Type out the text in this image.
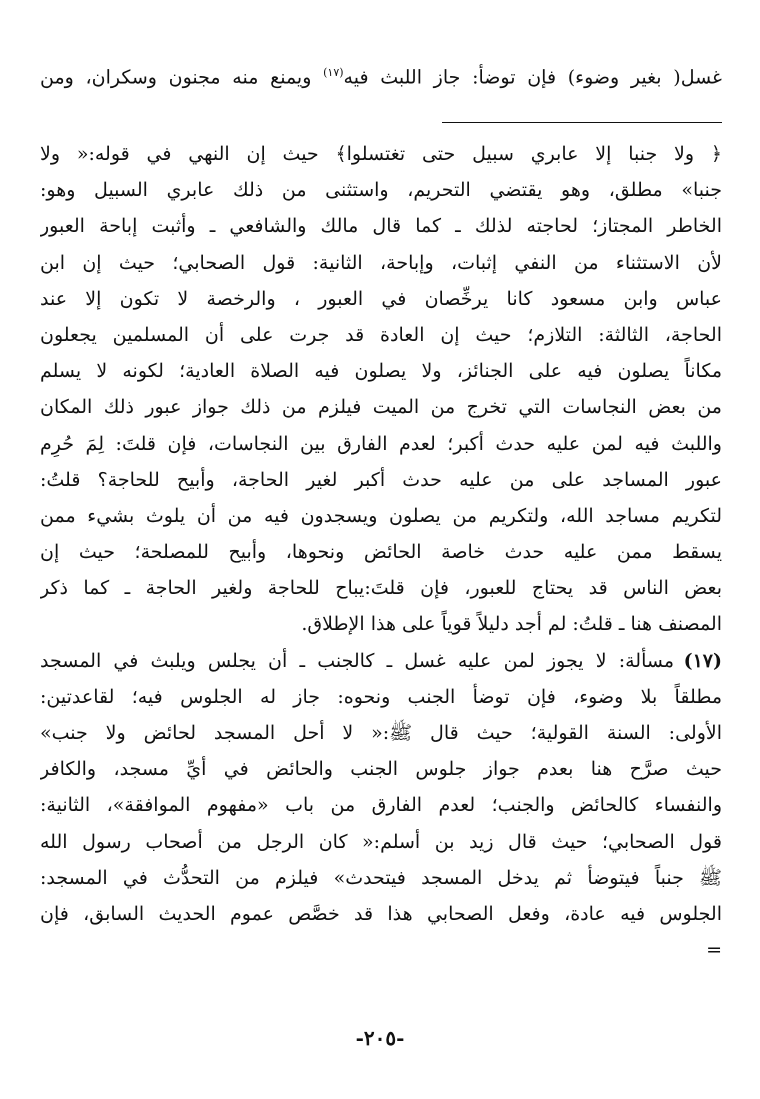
غسل( بغير وضوء) فإن توضأ: جاز اللبث فيه$^{(١٧)}$ ويمنع منه مجنون وسكران، ومن
﴿ ولا جنبا إلا عابري سبيل حتى تغتسلوا﴾ حيث إن النهي في قوله:« ولا
جنبا» مطلق، وهو يقتضي التحريم، واستثنى من ذلك عابري السبيل وهو:
الخاطر المجتاز؛ لحاجته لذلك ـ كما قال مالك والشافعي ـ وأثبت إباحة العبور
لأن الاستثناء من النفي إثبات، وإباحة، الثانية: قول الصحابي؛ حيث إن ابن
عباس وابن مسعود كانا يرخِّصان في العبور ، والرخصة لا تكون إلا عند
الحاجة، الثالثة: التلازم؛ حيث إن العادة قد جرت على أن المسلمين يجعلون
مكاناً يصلون فيه على الجنائز، ولا يصلون فيه الصلاة العادية؛ لكونه لا يسلم
من بعض النجاسات التي تخرج من الميت فيلزم من ذلك جواز عبور ذلك المكان
واللبث فيه لمن عليه حدث أكبر؛ لعدم الفارق بين النجاسات، فإن قلتَ: لِمَ حُرِم
عبور المساجد على من عليه حدث أكبر لغير الحاجة، وأبيح للحاجة؟ قلتُ:
لتكريم مساجد الله، ولتكريم من يصلون ويسجدون فيه من أن يلوث بشيء ممن
يسقط ممن عليه حدث خاصة الحائض ونحوها، وأبيح للمصلحة؛ حيث إن
بعض الناس قد يحتاج للعبور، فإن قلتَ:يباح للحاجة ولغير الحاجة ـ كما ذكر
المصنف هنا ـ قلتُ: لم أجد دليلاً قوياً على هذا الإطلاق.
(١٧)
مسألة: لا يجوز لمن عليه غسل ـ كالجنب ـ أن يجلس ويلبث في المسجد
مطلقاً بلا وضوء، فإن توضأ الجنب ونحوه: جاز له الجلوس فيه؛ لقاعدتين:
الأولى: السنة القولية؛ حيث قال ﷺ:« لا أحل المسجد لحائض ولا جنب»
حيث صرَّح هنا بعدم جواز جلوس الجنب والحائض في أيِّ مسجد، والكافر
والنفساء كالحائض والجنب؛ لعدم الفارق من باب «مفهوم الموافقة»، الثانية:
قول الصحابي؛ حيث قال زيد بن أسلم:« كان الرجل من أصحاب رسول الله
ﷺ جنباً فيتوضأ ثم يدخل المسجد فيتحدث» فيلزم من التحدُّث في المسجد:
الجلوس فيه عادة، وفعل الصحابي هذا قد خصَّص عموم الحديث السابق، فإن
=
-٢٠٥-
